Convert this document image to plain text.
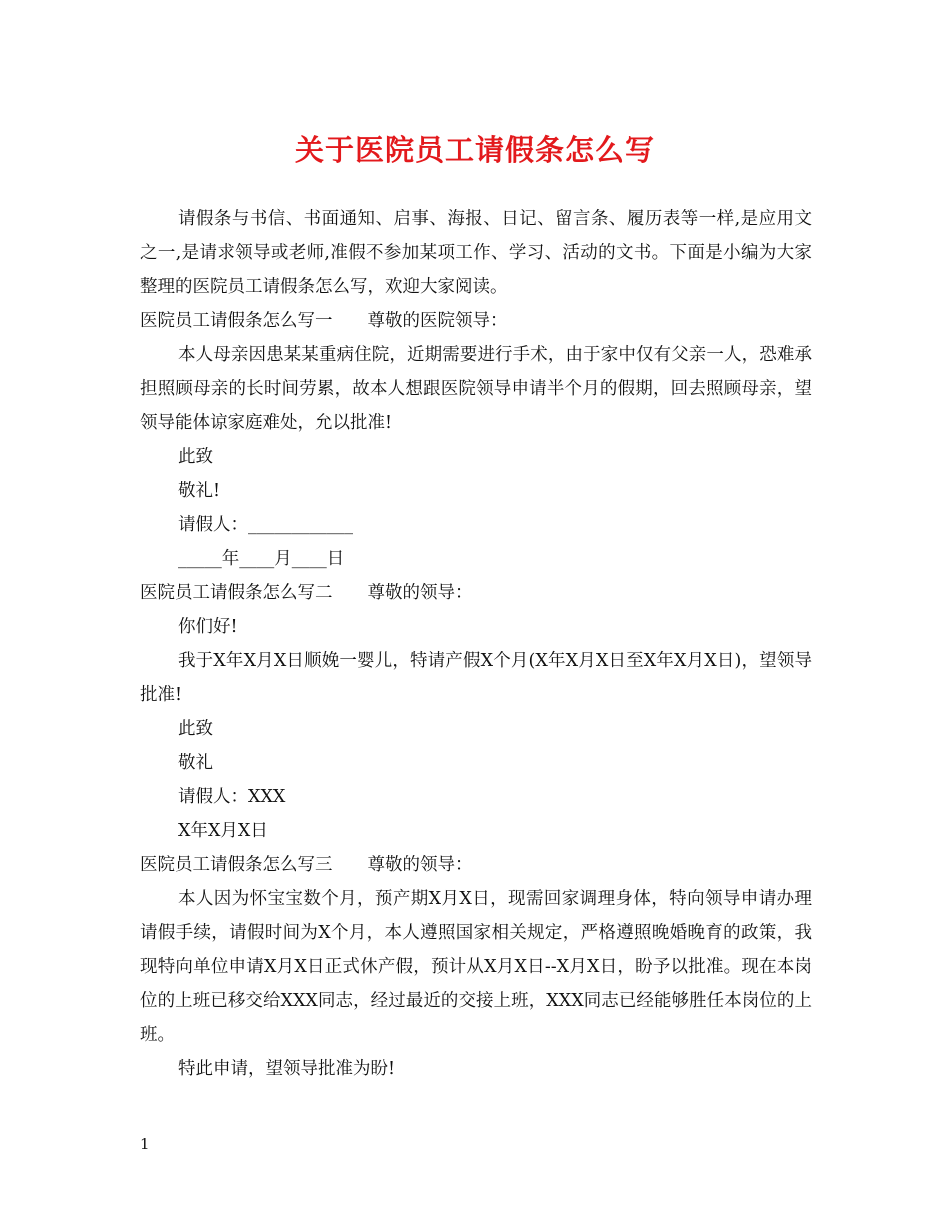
关于医院员工请假条怎么写

请假条与书信、书面通知、启事、海报、日记、留言条、履历表等一样,是应用文之一,是请求领导或老师,准假不参加某项工作、学习、活动的文书。下面是小编为大家整理的医院员工请假条怎么写，欢迎大家阅读。

医院员工请假条怎么写一　　尊敬的医院领导：

本人母亲因患某某重病住院，近期需要进行手术，由于家中仅有父亲一人，恐难承担照顾母亲的长时间劳累，故本人想跟医院领导申请半个月的假期，回去照顾母亲，望领导能体谅家庭难处，允以批准!

此致

敬礼!

请假人：____________

_____年____月____日

医院员工请假条怎么写二　　尊敬的领导：

你们好!

我于X年X月X日顺娩一婴儿，特请产假X个月(X年X月X日至X年X月X日)，望领导批准!

此致

敬礼

请假人：XXX

X年X月X日

医院员工请假条怎么写三　　尊敬的领导：

本人因为怀宝宝数个月，预产期X月X日，现需回家调理身体，特向领导申请办理请假手续，请假时间为X个月，本人遵照国家相关规定，严格遵照晚婚晚育的政策，我现特向单位申请X月X日正式休产假，预计从X月X日--X月X日，盼予以批准。现在本岗位的上班已移交给XXX同志，经过最近的交接上班，XXX同志已经能够胜任本岗位的上班。

特此申请，望领导批准为盼!

1
